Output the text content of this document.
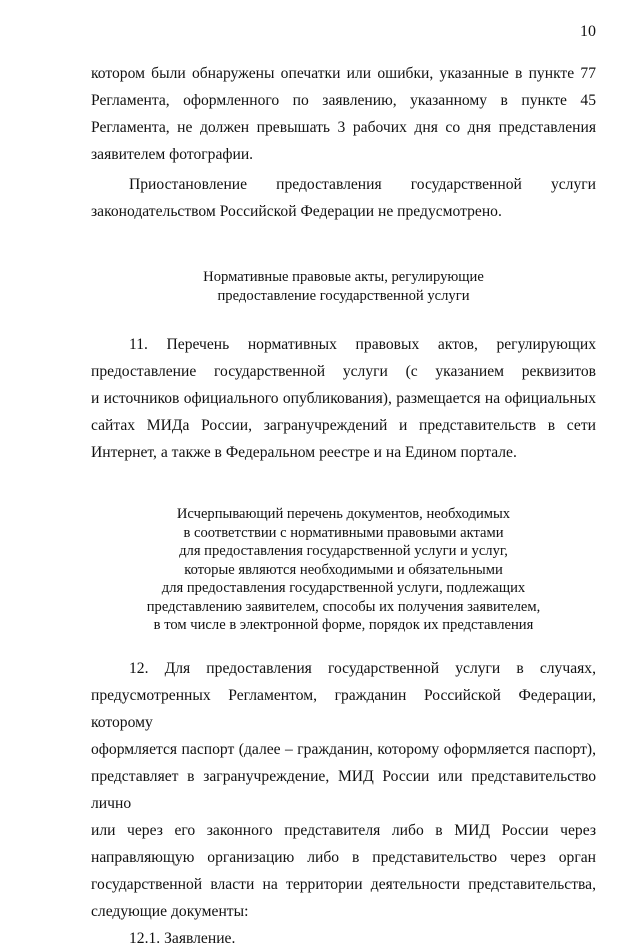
10

котором были обнаружены опечатки или ошибки, указанные в пункте 77

Регламента, оформленного по заявлению, указанному в пункте 45

Регламента, не должен превышать 3 рабочих дня со дня представления

заявителем фотографии.

Приостановление предоставления государственной услуги

законодательством Российской Федерации не предусмотрено.

Нормативные правовые акты, регулирующие

предоставление государственной услуги

11. Перечень нормативных правовых актов, регулирующих

предоставление государственной услуги (с указанием реквизитов

и источников официального опубликования), размещается на официальных

сайтах МИДа России, загранучреждений и представительств в сети

Интернет, а также в Федеральном реестре и на Едином портале.

Исчерпывающий перечень документов, необходимых

в соответствии с нормативными правовыми актами

для предоставления государственной услуги и услуг,

которые являются необходимыми и обязательными

для предоставления государственной услуги, подлежащих

представлению заявителем, способы их получения заявителем,

в том числе в электронной форме, порядок их представления

12. Для предоставления государственной услуги в случаях,

предусмотренных Регламентом, гражданин Российской Федерации, которому

оформляется паспорт (далее – гражданин, которому оформляется паспорт),

представляет в загранучреждение, МИД России или представительство лично

или через его законного представителя либо в МИД России через

направляющую организацию либо в представительство через орган

государственной власти на территории деятельности представительства,

следующие документы:

12.1. Заявление.
